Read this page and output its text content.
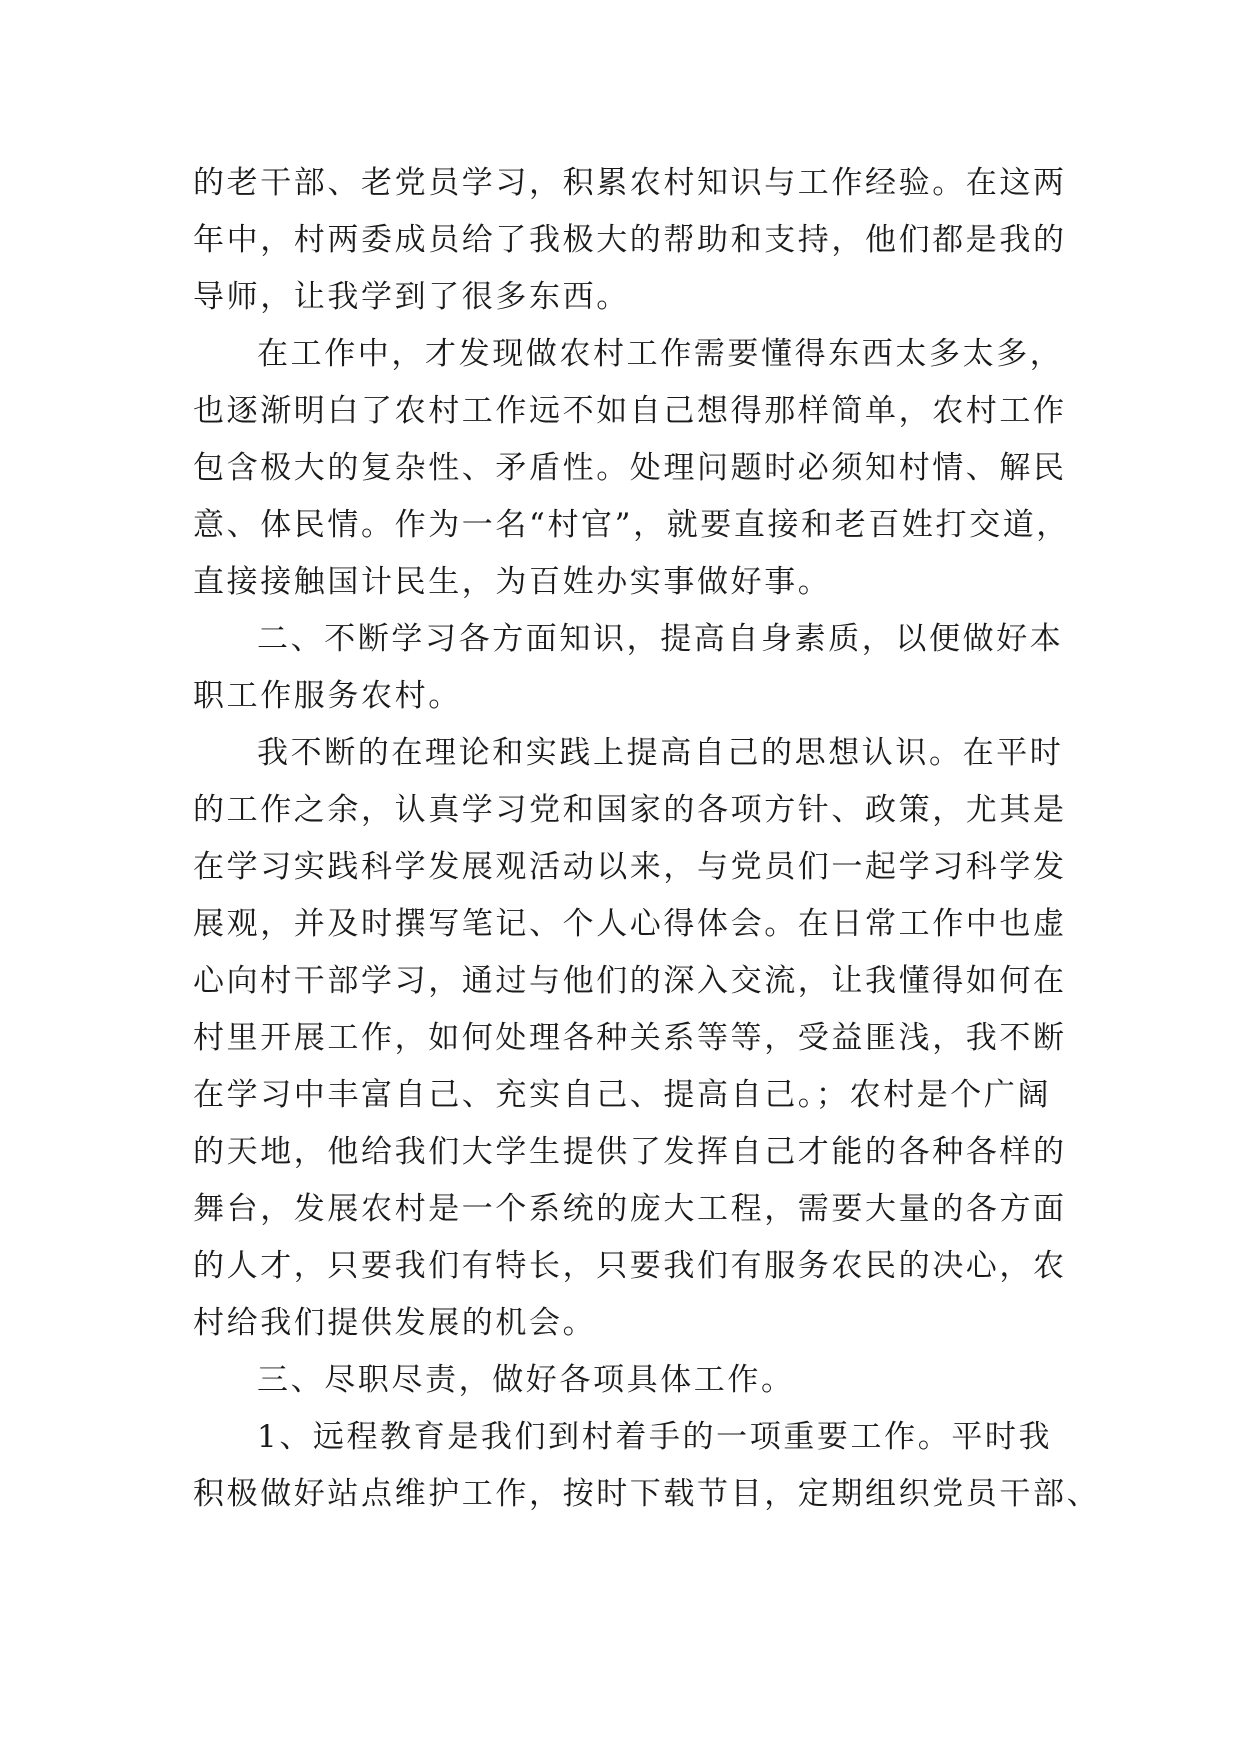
的老干部、老党员学习，积累农村知识与工作经验。在这两
年中，村两委成员给了我极大的帮助和支持，他们都是我的
导师，让我学到了很多东西。
在工作中，才发现做农村工作需要懂得东西太多太多，
也逐渐明白了农村工作远不如自己想得那样简单，农村工作
包含极大的复杂性、矛盾性。处理问题时必须知村情、解民
意、体民情。作为一名“村官”，就要直接和老百姓打交道，
直接接触国计民生，为百姓办实事做好事。
二、不断学习各方面知识，提高自身素质，以便做好本
职工作服务农村。
我不断的在理论和实践上提高自己的思想认识。在平时
的工作之余，认真学习党和国家的各项方针、政策，尤其是
在学习实践科学发展观活动以来，与党员们一起学习科学发
展观，并及时撰写笔记、个人心得体会。在日常工作中也虚
心向村干部学习，通过与他们的深入交流，让我懂得如何在
村里开展工作，如何处理各种关系等等，受益匪浅，我不断
在学习中丰富自己、充实自己、提高自己。；农村是个广阔
的天地，他给我们大学生提供了发挥自己才能的各种各样的
舞台，发展农村是一个系统的庞大工程，需要大量的各方面
的人才，只要我们有特长，只要我们有服务农民的决心，农
村给我们提供发展的机会。
三、尽职尽责，做好各项具体工作。
1、远程教育是我们到村着手的一项重要工作。平时我
积极做好站点维护工作，按时下载节目，定期组织党员干部、
